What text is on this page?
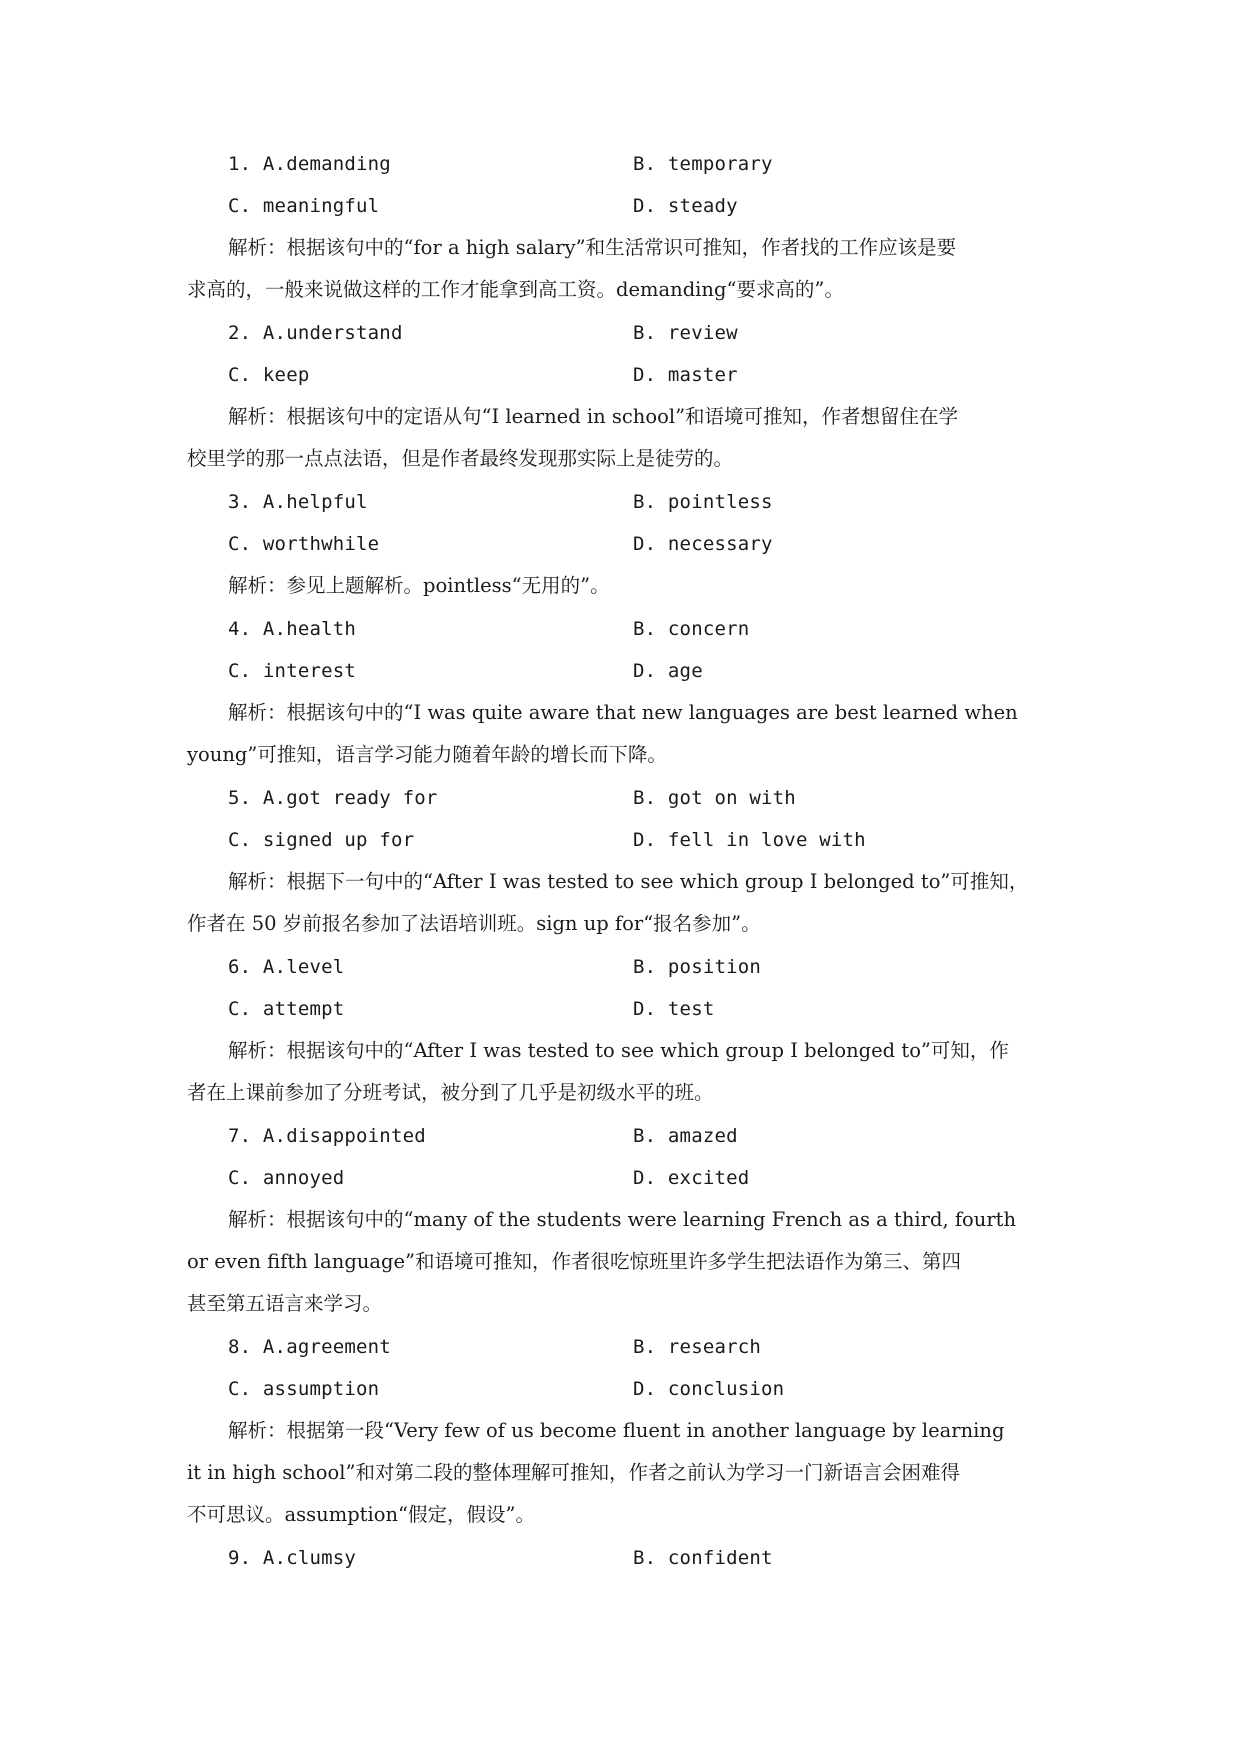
1. A.demanding	B. temporary
C. meaningful	D. steady
解析：根据该句中的“for a high salary”和生活常识可推知，作者找的工作应该是要
求高的，一般来说做这样的工作才能拿到高工资。demanding“要求高的”。
2. A.understand	B. review
C. keep	D. master
解析：根据该句中的定语从句“I learned in school”和语境可推知，作者想留住在学
校里学的那一点点法语，但是作者最终发现那实际上是徒劳的。
3. A.helpful	B. pointless
C. worthwhile	D. necessary
解析：参见上题解析。pointless“无用的”。
4. A.health	B. concern
C. interest	D. age
解析：根据该句中的“I was quite aware that new languages are best learned when
young”可推知，语言学习能力随着年龄的增长而下降。
5. A.got ready for	B. got on with
C. signed up for	D. fell in love with
解析：根据下一句中的“After I was tested to see which group I belonged to”可推知，
作者在 50 岁前报名参加了法语培训班。sign up for“报名参加”。
6. A.level	B. position
C. attempt	D. test
解析：根据该句中的“After I was tested to see which group I belonged to”可知，作
者在上课前参加了分班考试，被分到了几乎是初级水平的班。
7. A.disappointed	B. amazed
C. annoyed	D. excited
解析：根据该句中的“many of the students were learning French as a third, fourth
or even fifth language”和语境可推知，作者很吃惊班里许多学生把法语作为第三、第四
甚至第五语言来学习。
8. A.agreement	B. research
C. assumption	D. conclusion
解析：根据第一段“Very few of us become fluent in another language by learning
it in high school”和对第二段的整体理解可推知，作者之前认为学习一门新语言会困难得
不可思议。assumption“假定，假设”。
9. A.clumsy	B. confident
